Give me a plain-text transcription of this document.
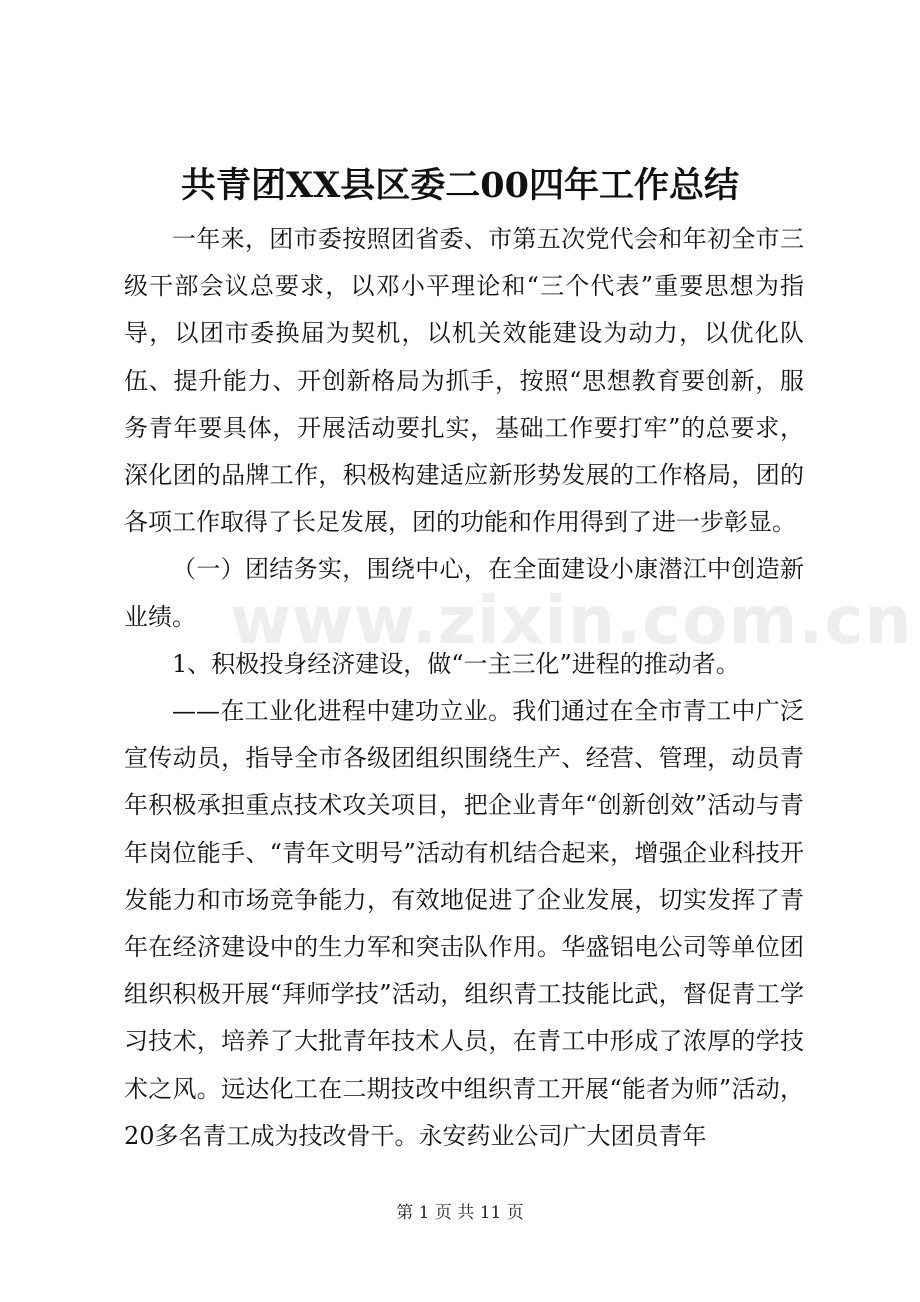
共青团XX县区委二00四年工作总结

一年来，团市委按照团省委、市第五次党代会和年初全市三级干部会议总要求，以邓小平理论和“三个代表”重要思想为指导，以团市委换届为契机，以机关效能建设为动力，以优化队伍、提升能力、开创新格局为抓手，按照“思想教育要创新，服务青年要具体，开展活动要扎实，基础工作要打牢”的总要求，深化团的品牌工作，积极构建适应新形势发展的工作格局，团的各项工作取得了长足发展，团的功能和作用得到了进一步彰显。

（一）团结务实，围绕中心，在全面建设小康潜江中创造新业绩。

1、积极投身经济建设，做“一主三化”进程的推动者。

——在工业化进程中建功立业。我们通过在全市青工中广泛宣传动员，指导全市各级团组织围绕生产、经营、管理，动员青年积极承担重点技术攻关项目，把企业青年“创新创效”活动与青年岗位能手、“青年文明号”活动有机结合起来，增强企业科技开发能力和市场竞争能力，有效地促进了企业发展，切实发挥了青年在经济建设中的生力军和突击队作用。华盛铝电公司等单位团组织积极开展“拜师学技”活动，组织青工技能比武，督促青工学习技术，培养了大批青年技术人员，在青工中形成了浓厚的学技术之风。远达化工在二期技改中组织青工开展“能者为师”活动，20多名青工成为技改骨干。永安药业公司广大团员青年

www.zixin.com.cn
第 1 页 共 11 页
